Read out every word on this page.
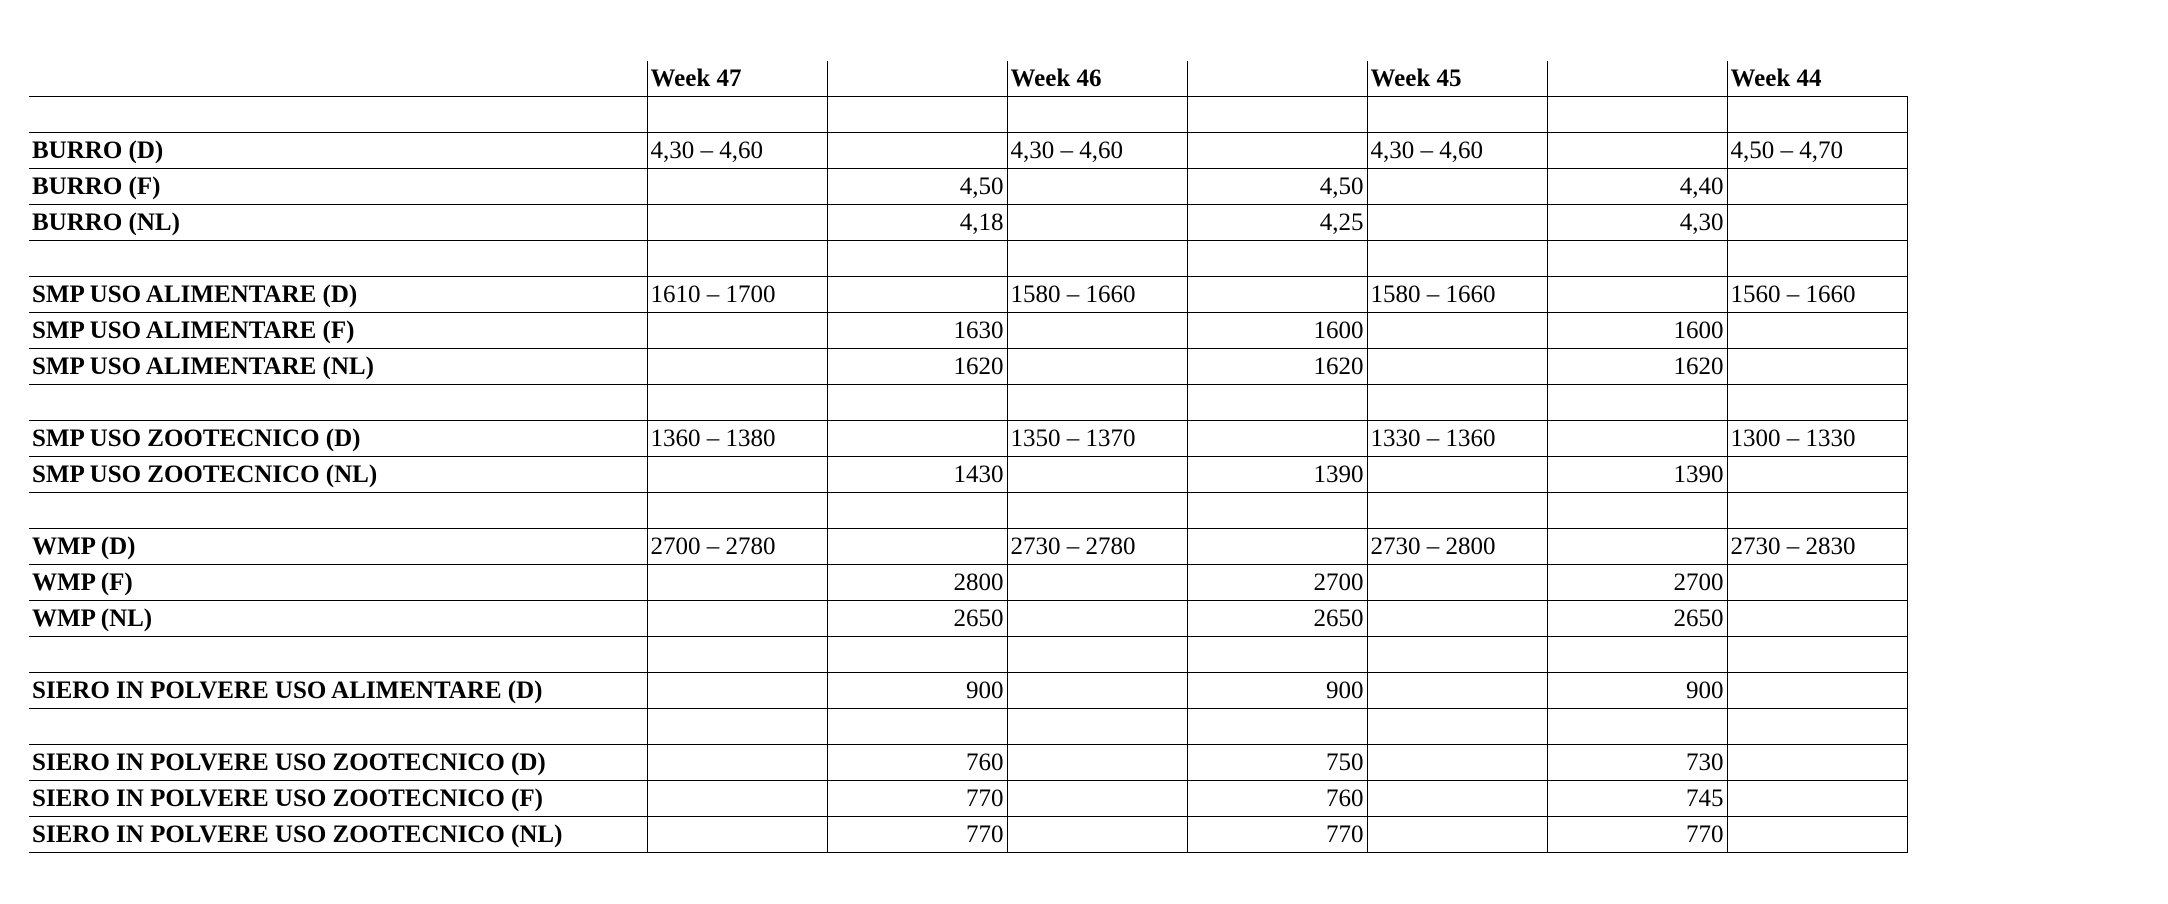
	Week 47		Week 46		Week 45		Week 44

BURRO (D)	4,30 – 4,60		4,30 – 4,60		4,30 – 4,60		4,50 – 4,70
BURRO (F)		4,50		4,50		4,40	
BURRO (NL)		4,18		4,25		4,30	

SMP USO ALIMENTARE (D)	1610 – 1700		1580 – 1660		1580 – 1660		1560 – 1660
SMP USO ALIMENTARE (F)		1630		1600		1600	
SMP USO ALIMENTARE (NL)		1620		1620		1620	

SMP USO ZOOTECNICO (D)	1360 – 1380		1350 – 1370		1330 – 1360		1300 – 1330
SMP USO ZOOTECNICO (NL)		1430		1390		1390	

WMP (D)	2700 – 2780		2730 – 2780		2730 – 2800		2730 – 2830
WMP (F)		2800		2700		2700	
WMP (NL)		2650		2650		2650	

SIERO IN POLVERE USO ALIMENTARE (D)		900		900		900	

SIERO IN POLVERE USO ZOOTECNICO (D)		760		750		730	
SIERO IN POLVERE USO ZOOTECNICO (F)		770		760		745	
SIERO IN POLVERE USO ZOOTECNICO (NL)		770		770		770	
